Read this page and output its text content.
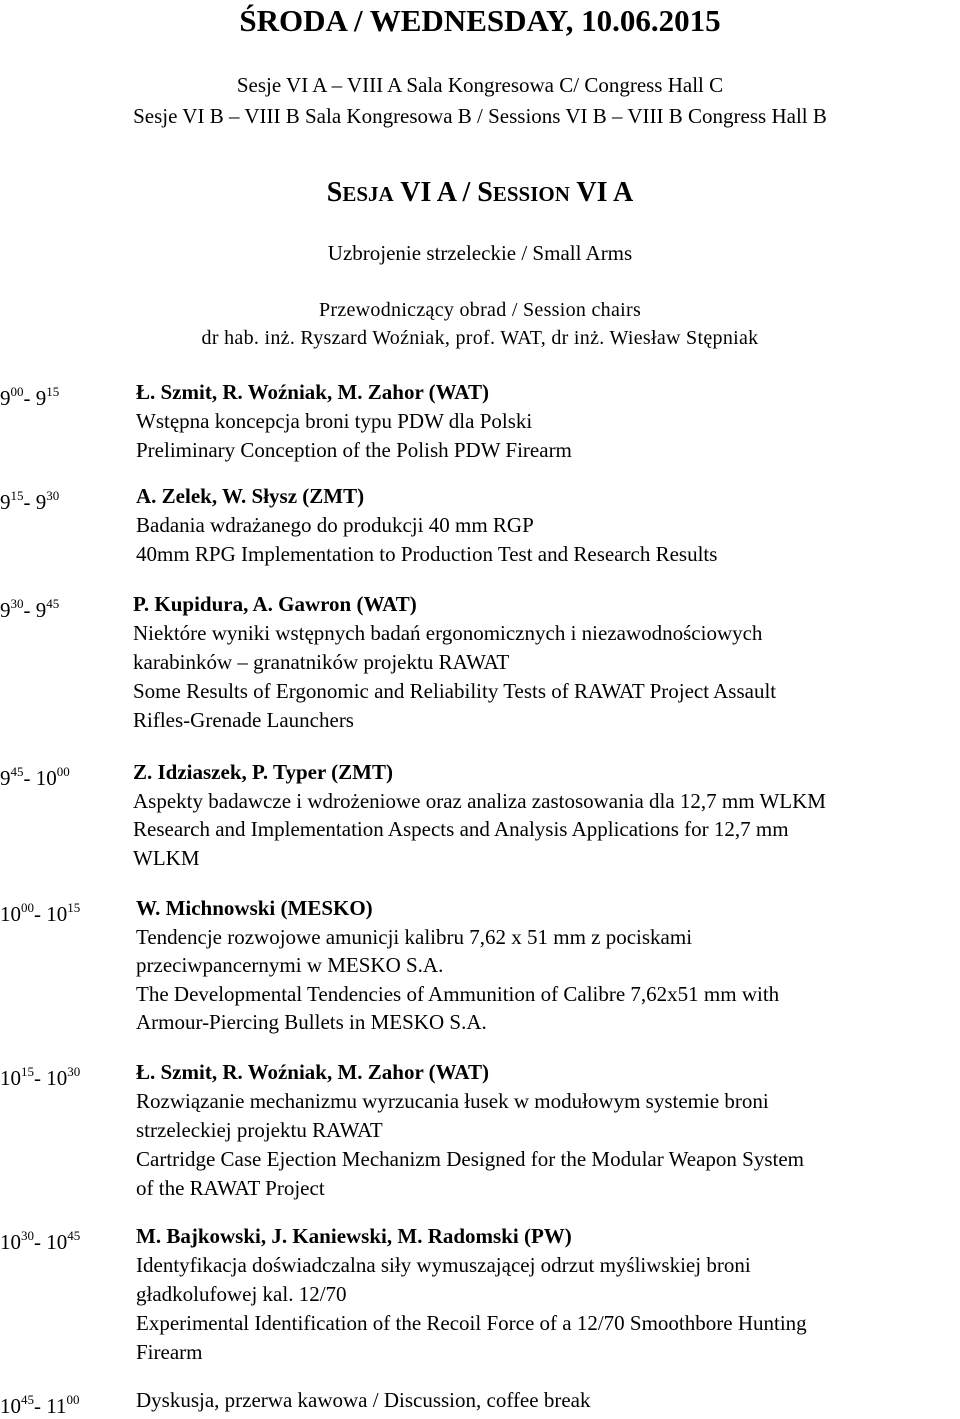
ŚRODA / WEDNESDAY, 10.06.2015
Sesje VI A – VIII A Sala Kongresowa C/ Congress Hall C
Sesje VI B – VIII B Sala Kongresowa B / Sessions VI B – VIII B Congress Hall B
SESJA VI A / SESSION VI A
Uzbrojenie strzeleckie / Small Arms
Przewodniczący obrad / Session chairs
dr hab. inż. Ryszard Woźniak, prof. WAT, dr inż. Wiesław Stępniak
$9^{00}-$ $9^{15}$	Ł. Szmit, R. Woźniak, M. Zahor (WAT)
Wstępna koncepcja broni typu PDW dla Polski
Preliminary Conception of the Polish PDW Firearm
$9^{15}-$ $9^{30}$	A. Zelek, W. Słysz (ZMT)
Badania wdrażanego do produkcji 40 mm RGP
40mm RPG Implementation to Production Test and Research Results
$9^{30}-$ $9^{45}$	P. Kupidura, A. Gawron (WAT)
Niektóre wyniki wstępnych badań ergonomicznych i niezawodnościowych
karabinków – granatników projektu RAWAT
Some Results of Ergonomic and Reliability Tests of RAWAT Project Assault
Rifles-Grenade Launchers
$9^{45}-$ $10^{00}$	Z. Idziaszek, P. Typer (ZMT)
Aspekty badawcze i wdrożeniowe oraz analiza zastosowania dla 12,7 mm WLKM
Research and Implementation Aspects and Analysis Applications for 12,7 mm
WLKM
$10^{00}-$ $10^{15}$	W. Michnowski (MESKO)
Tendencje rozwojowe amunicji kalibru 7,62 x 51 mm z pociskami
przeciwpancernymi w MESKO S.A.
The Developmental Tendencies of Ammunition of Calibre 7,62x51 mm with
Armour-Piercing Bullets in MESKO S.A.
$10^{15}-$ $10^{30}$	Ł. Szmit, R. Woźniak, M. Zahor (WAT)
Rozwiązanie mechanizmu wyrzucania łusek w modułowym systemie broni
strzeleckiej projektu RAWAT
Cartridge Case Ejection Mechanizm Designed for the Modular Weapon System
of the RAWAT Project
$10^{30}-$ $10^{45}$	M. Bajkowski, J. Kaniewski, M. Radomski (PW)
Identyfikacja doświadczalna siły wymuszającej odrzut myśliwskiej broni
gładkolufowej kal. 12/70
Experimental Identification of the Recoil Force of a 12/70 Smoothbore Hunting
Firearm
$10^{45}-$ $11^{00}$	Dyskusja, przerwa kawowa / Discussion, coffee break
